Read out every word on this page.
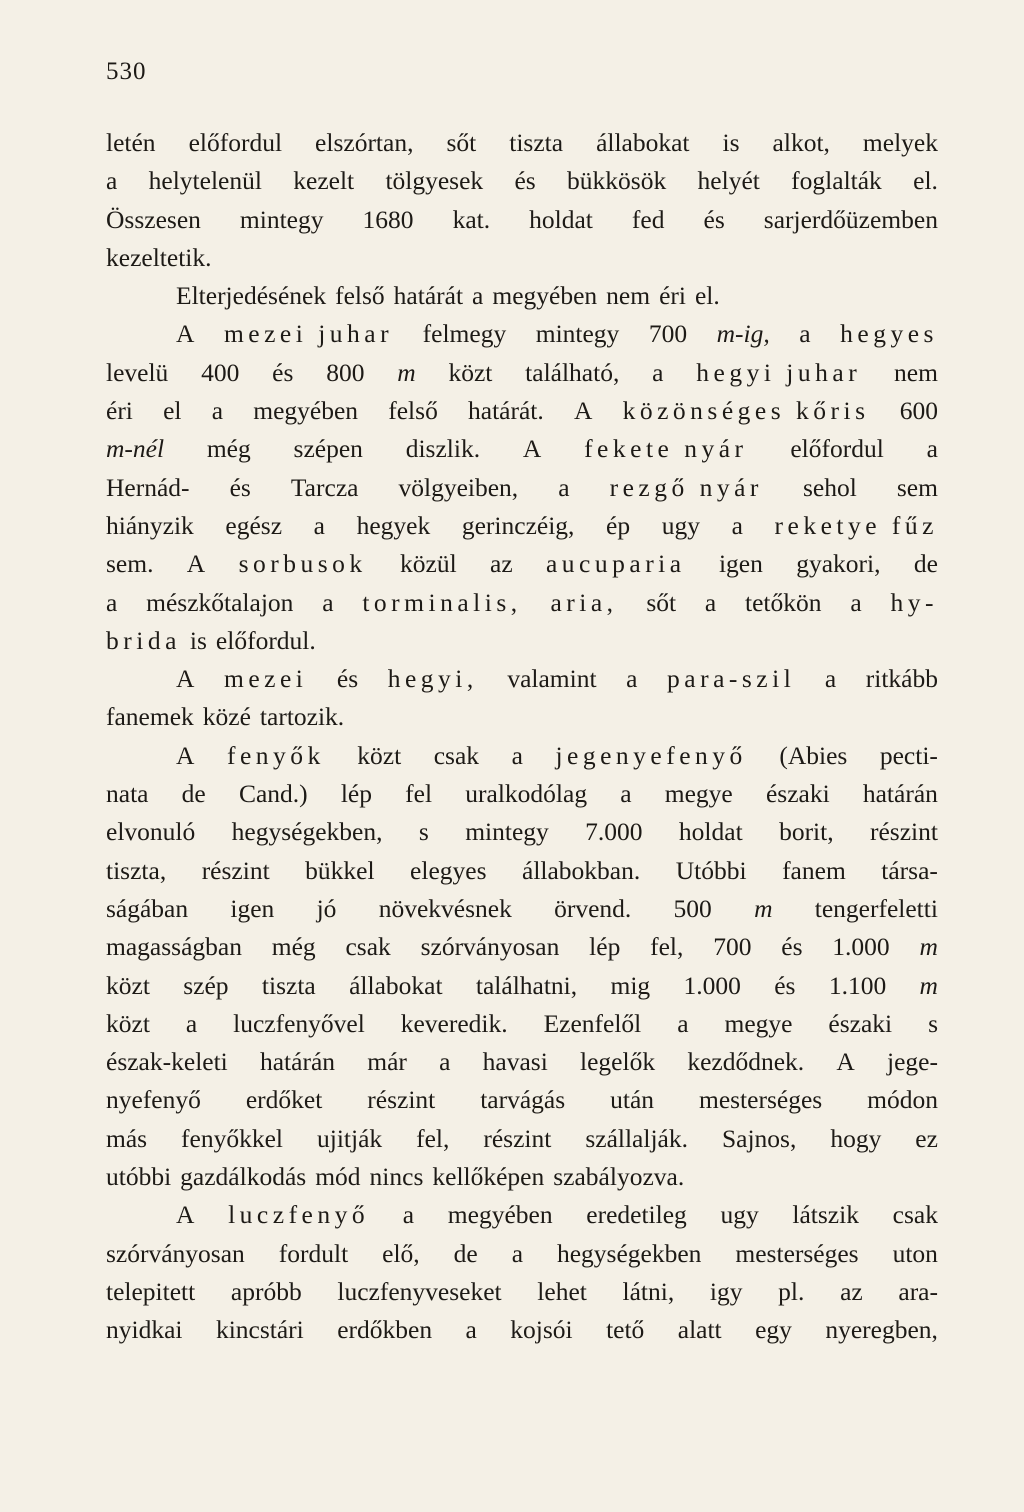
530

letén előfordul elszórtan, sőt tiszta állabokat is alkot, melyek
a helytelenül kezelt tölgyesek és bükkösök helyét foglalták el.
Összesen mintegy 1680 kat. holdat fed és sarjerdőüzemben
kezeltetik.
Elterjedésének felső határát a megyében nem éri el.
A mezei juhar felmegy mintegy 700 m-ig, a hegyes
levelü 400 és 800 m közt található, a hegyi juhar nem
éri el a megyében felső határát. A közönséges kőris 600
m-nél még szépen diszlik. A fekete nyár előfordul a
Hernád- és Tarcza völgyeiben, a rezgő nyár sehol sem
hiányzik egész a hegyek gerinczéig, ép ugy a reketye fűz
sem. A sorbusok közül az aucuparia igen gyakori, de
a mészkőtalajon a torminalis, aria, sőt a tetőkön a hy-
brida is előfordul.
A mezei és hegyi, valamint a para-szil a ritkább
fanemek közé tartozik.
A fenyők közt csak a jegenyefenyő (Abies pecti-
nata de Cand.) lép fel uralkodólag a megye északi határán
elvonuló hegységekben, s mintegy 7.000 holdat borit, részint
tiszta, részint bükkel elegyes állabokban. Utóbbi fanem társa-
ságában igen jó növekvésnek örvend. 500 m tengerfeletti
magasságban még csak szórványosan lép fel, 700 és 1.000 m
közt szép tiszta állabokat találhatni, mig 1.000 és 1.100 m
közt a luczfenyővel keveredik. Ezenfelől a megye északi s
észak-keleti határán már a havasi legelők kezdődnek. A jege-
nyefenyő erdőket részint tarvágás után mesterséges módon
más fenyőkkel ujitják fel, részint szállalják. Sajnos, hogy ez
utóbbi gazdálkodás mód nincs kellőképen szabályozva.
A luczfenyő a megyében eredetileg ugy látszik csak
szórványosan fordult elő, de a hegységekben mesterséges uton
telepitett apróbb luczfenyveseket lehet látni, igy pl. az ara-
nyidkai kincstári erdőkben a kojsói tető alatt egy nyeregben,
